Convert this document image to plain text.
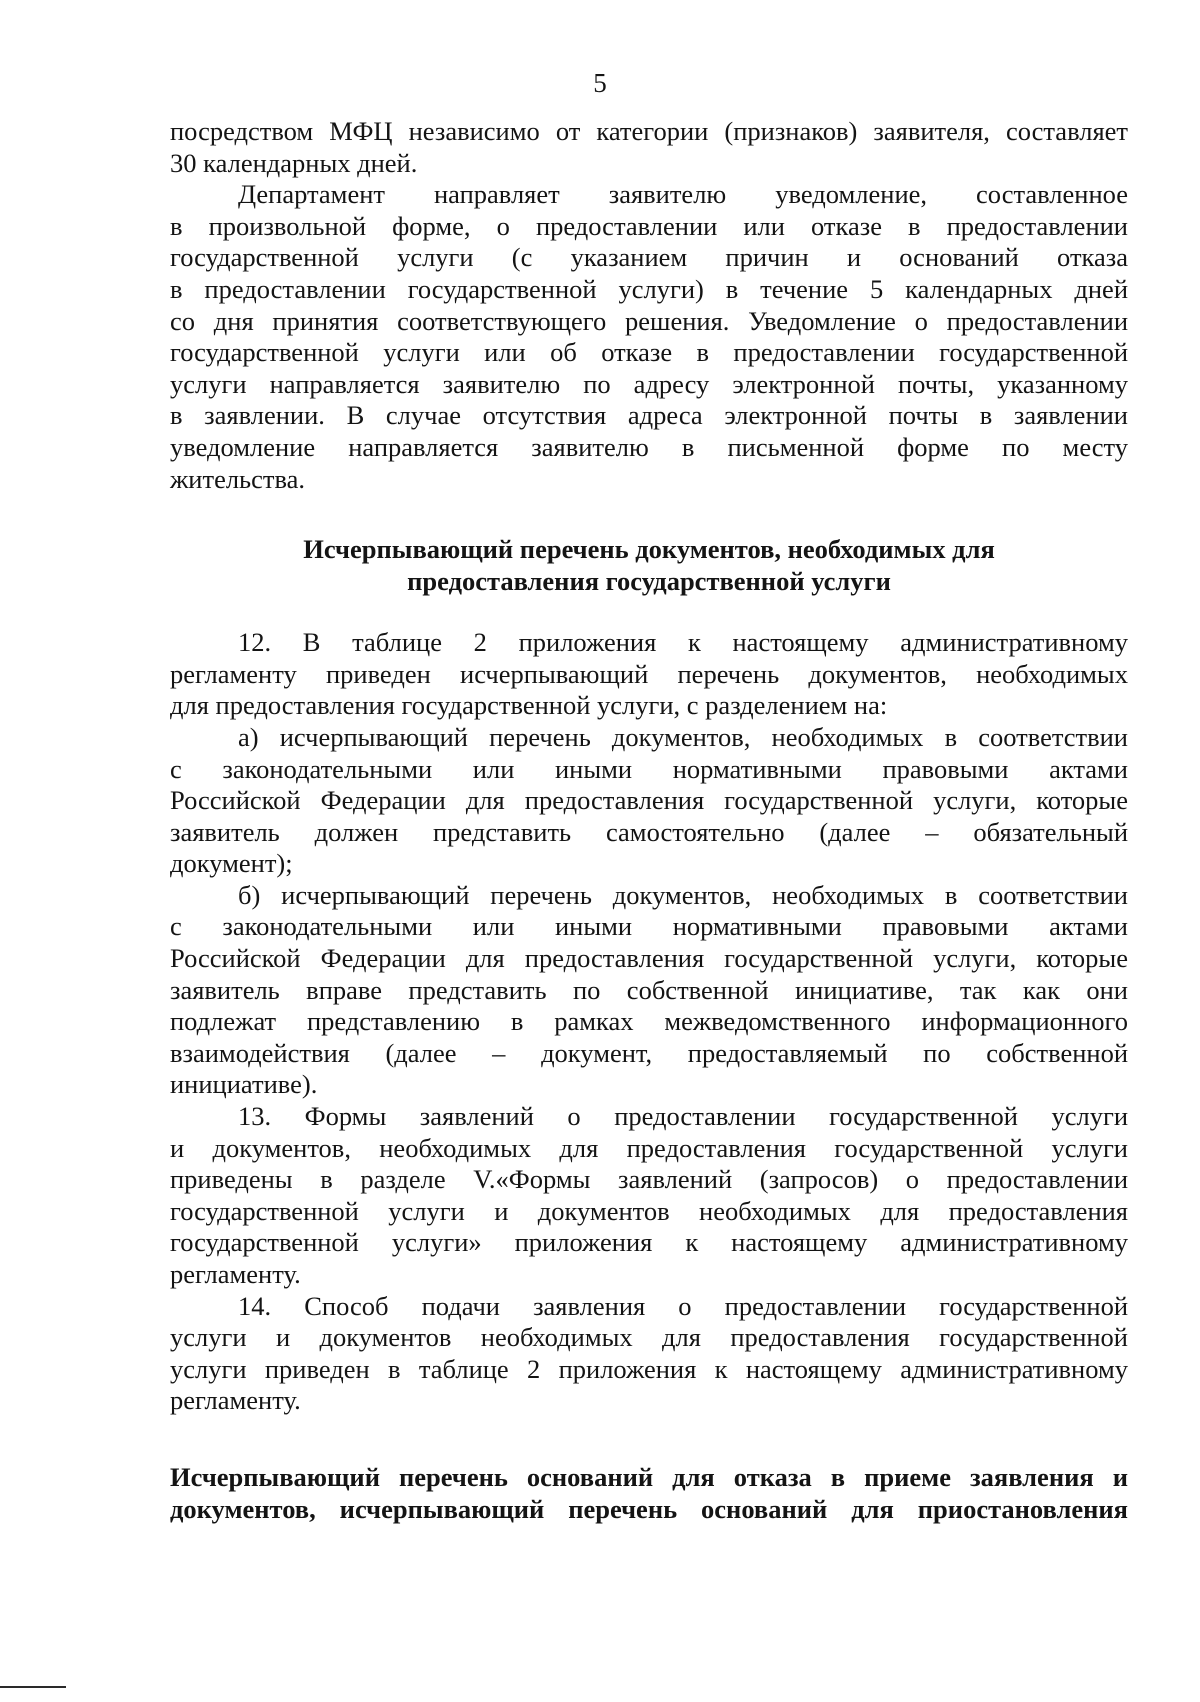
5
посредством МФЦ независимо от категории (признаков) заявителя, составляет
30 календарных дней.
Департамент направляет заявителю уведомление, составленное
в произвольной форме, о предоставлении или отказе в предоставлении
государственной услуги (с указанием причин и оснований отказа
в предоставлении государственной услуги) в течение 5 календарных дней
со дня принятия соответствующего решения. Уведомление о предоставлении
государственной услуги или об отказе в предоставлении государственной
услуги направляется заявителю по адресу электронной почты, указанному
в заявлении. В случае отсутствия адреса электронной почты в заявлении
уведомление направляется заявителю в письменной форме по месту
жительства.
Исчерпывающий перечень документов, необходимых для
предоставления государственной услуги
12. В таблице 2 приложения к настоящему административному
регламенту приведен исчерпывающий перечень документов, необходимых
для предоставления государственной услуги, с разделением на:
а) исчерпывающий перечень документов, необходимых в соответствии
с законодательными или иными нормативными правовыми актами
Российской Федерации для предоставления государственной услуги, которые
заявитель должен представить самостоятельно (далее – обязательный
документ);
б) исчерпывающий перечень документов, необходимых в соответствии
с законодательными или иными нормативными правовыми актами
Российской Федерации для предоставления государственной услуги, которые
заявитель вправе представить по собственной инициативе, так как они
подлежат представлению в рамках межведомственного информационного
взаимодействия (далее – документ, предоставляемый по собственной
инициативе).
13. Формы заявлений о предоставлении государственной услуги
и документов, необходимых для предоставления государственной услуги
приведены в разделе V.«Формы заявлений (запросов) о предоставлении
государственной услуги и документов необходимых для предоставления
государственной услуги» приложения к настоящему административному
регламенту.
14. Способ подачи заявления о предоставлении государственной
услуги и документов необходимых для предоставления государственной
услуги приведен в таблице 2 приложения к настоящему административному
регламенту.
Исчерпывающий перечень оснований для отказа в приеме заявления и
документов, исчерпывающий перечень оснований для приостановления
